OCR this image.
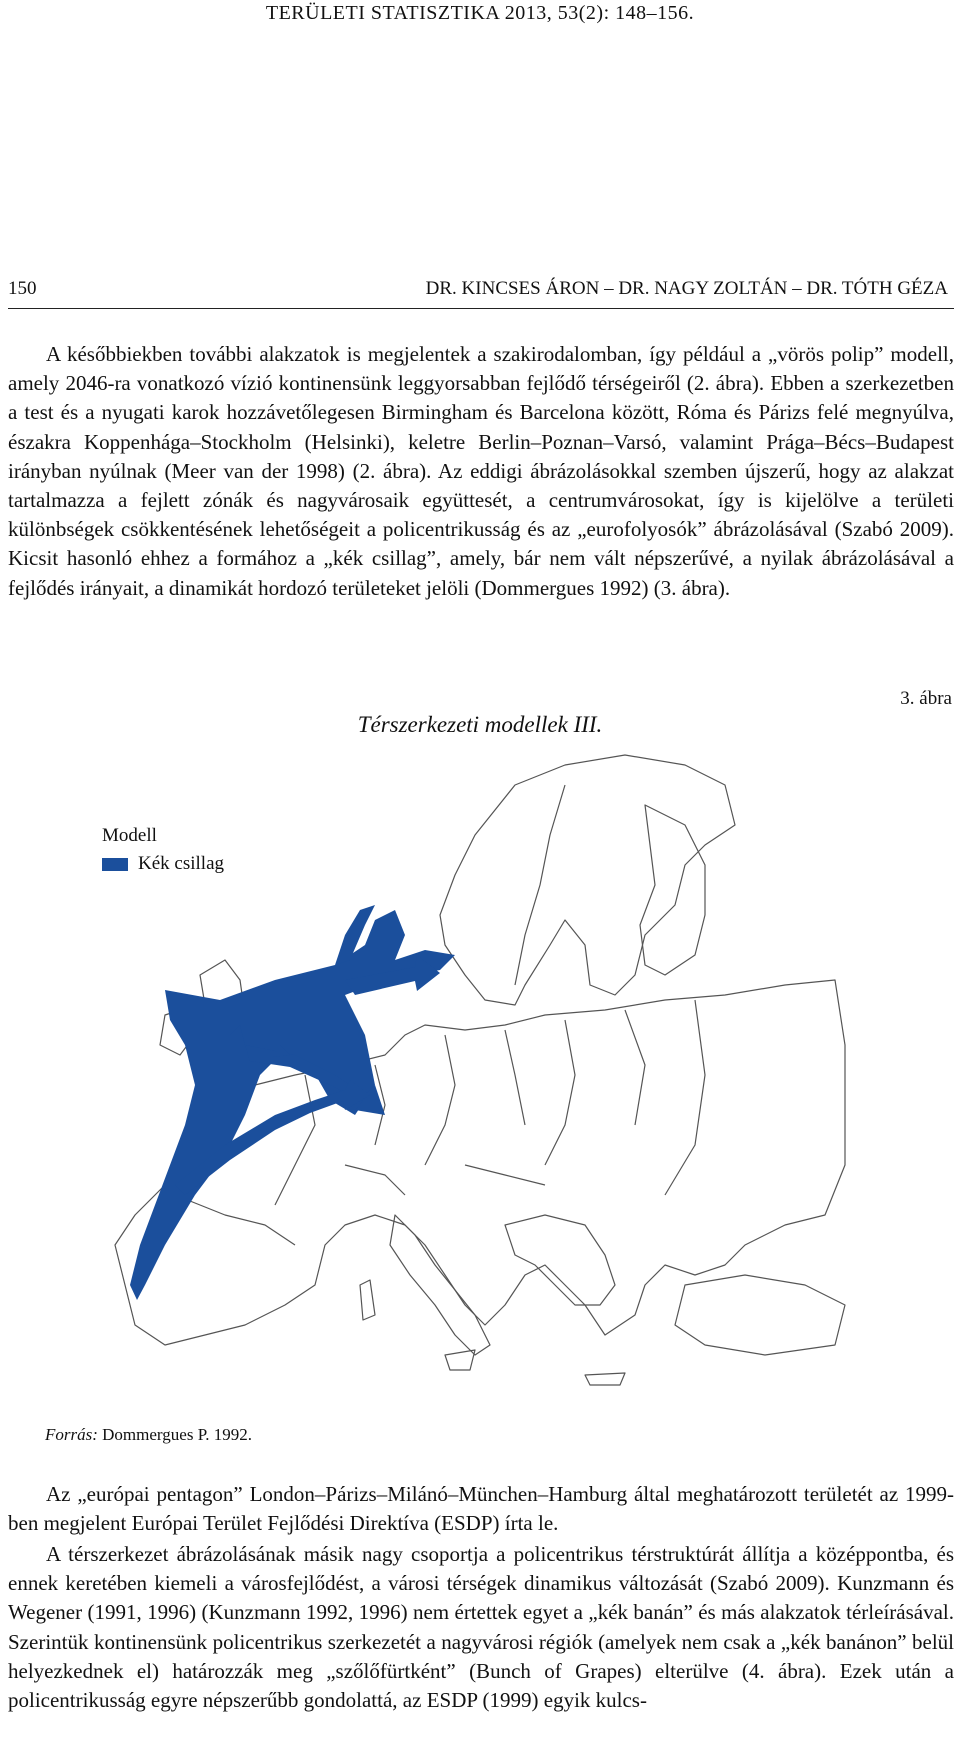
TERÜLETI STATISZTIKA 2013, 53(2): 148–156.
150	DR. KINCSES ÁRON – DR. NAGY ZOLTÁN – DR. TÓTH GÉZA

A későbbiekben további alakzatok is megjelentek a szakirodalomban, így például a „vörös polip” modell, amely 2046-ra vonatkozó vízió kontinensünk leggyorsabban fejlődő térségeiről (2. ábra). Ebben a szerkezetben a test és a nyugati karok hozzávetőlegesen Birmingham és Barcelona között, Róma és Párizs felé megnyúlva, északra Koppenhága–Stockholm (Helsinki), keletre Berlin–Poznan–Varsó, valamint Prága–Bécs–Budapest irányban nyúlnak (Meer van der 1998) (2. ábra). Az eddigi ábrázolásokkal szemben újszerű, hogy az alakzat tartalmazza a fejlett zónák és nagyvárosaik együttesét, a centrumvárosokat, így is kijelölve a területi különbségek csökkentésének lehetőségeit a policentrikusság és az „eurofolyosók” ábrázolásával (Szabó 2009). Kicsit hasonló ehhez a formához a „kék csillag”, amely, bár nem vált népszerűvé, a nyilak ábrázolásával a fejlődés irányait, a dinamikát hordozó területeket jelöli (Dommergues 1992) (3. ábra).

3. ábra
Térszerkezeti modellek III.
Modell
Kék csillag
Forrás: Dommergues P. 1992.

Az „európai pentagon” London–Párizs–Milánó–München–Hamburg által meghatározott területét az 1999-ben megjelent Európai Terület Fejlődési Direktíva (ESDP) írta le.

A térszerkezet ábrázolásának másik nagy csoportja a policentrikus térstruktúrát állítja a középpontba, és ennek keretében kiemeli a városfejlődést, a városi térségek dinamikus változását (Szabó 2009). Kunzmann és Wegener (1991, 1996) (Kunzmann 1992, 1996) nem értettek egyet a „kék banán” és más alakzatok térleírásával. Szerintük kontinensünk policentrikus szerkezetét a nagyvárosi régiók (amelyek nem csak a „kék banánon” belül helyezkednek el) határozzák meg „szőlőfürtként” (Bunch of Grapes) elterülve (4. ábra). Ezek után a policentrikusság egyre népszerűbb gondolattá, az ESDP (1999) egyik kulcs-
